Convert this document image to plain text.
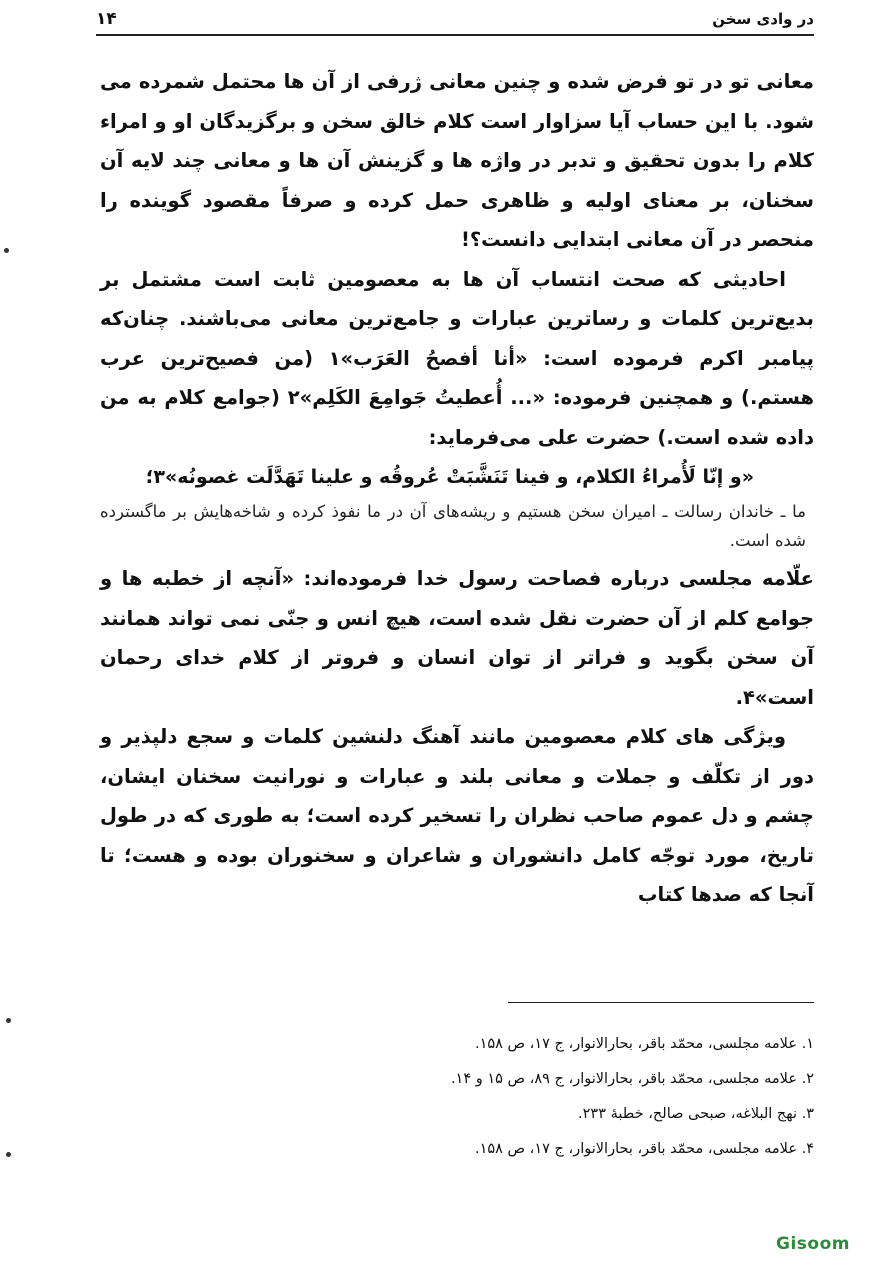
در وادی سخن
۱۴

معانی تو در تو فرض شده و چنین معانی ژرفی از آن ها محتمل شمرده می شود. با این حساب آیا سزاوار است کلام خالق سخن و برگزیدگان او و امراء کلام را بدون تحقیق و تدبر در واژه ها و گزینش آن ها و معانی چند لایه آن سخنان، بر معنای اولیه و ظاهری حمل کرده و صرفاً مقصود گوینده را منحصر در آن معانی ابتدایی دانست؟!

احادیثی که صحت انتساب آن ها به معصومین ثابت است مشتمل بر بدیع‌ترین کلمات و رساترین عبارات و جامع‌ترین معانی می‌باشند. چنان‌که پیامبر اکرم فرموده است: «أنا أفصحُ العَرَب»۱ (من فصیح‌ترین عرب هستم.) و همچنین فرموده: «... أُعطيتُ جَوامِعَ الكَلِم»۲ (جوامع کلام به من داده شده است.) حضرت علی می‌فرماید:

«و إنّا لَأُمراءُ الكلام، و فينا تَنَشَّبَتْ عُروقُه و علينا تَهَدَّلَت غصونُه»۳؛

ما ـ خاندان رسالت ـ امیران سخن هستیم و ریشه‌های آن در ما نفوذ کرده و شاخه‌هایش بر ماگسترده شده است.

علّامه مجلسی درباره فصاحت رسول خدا فرموده‌اند: «آنچه از خطبه ها و جوامع کلم از آن حضرت نقل شده است، هیچ انس و جنّی نمی تواند همانند آن سخن بگوید و فراتر از توان انسان و فروتر از کلام خدای رحمان است»۴.

ویژگی های کلام معصومین مانند آهنگ دلنشین کلمات و سجع دلپذیر و دور از تکلّف و جملات و معانی بلند و عبارات و نورانیت سخنان ایشان، چشم و دل عموم صاحب نظران را تسخیر کرده است؛ به طوری که در طول تاریخ، مورد توجّه کامل دانشوران و شاعران و سخنوران بوده و هست؛ تا آنجا که صدها کتاب

۱. علامه مجلسی، محمّد باقر، بحارالانوار، ج ۱۷، ص ۱۵۸.

۲. علامه مجلسی، محمّد باقر، بحارالانوار، ج ۸۹، ص ۱۵ و ۱۴.

۳. نهج البلاغه، صبحی صالح، خطبهٔ ۲۳۳.

۴. علامه مجلسی، محمّد باقر، بحارالانوار، ج ۱۷، ص ۱۵۸.

Gisoom
